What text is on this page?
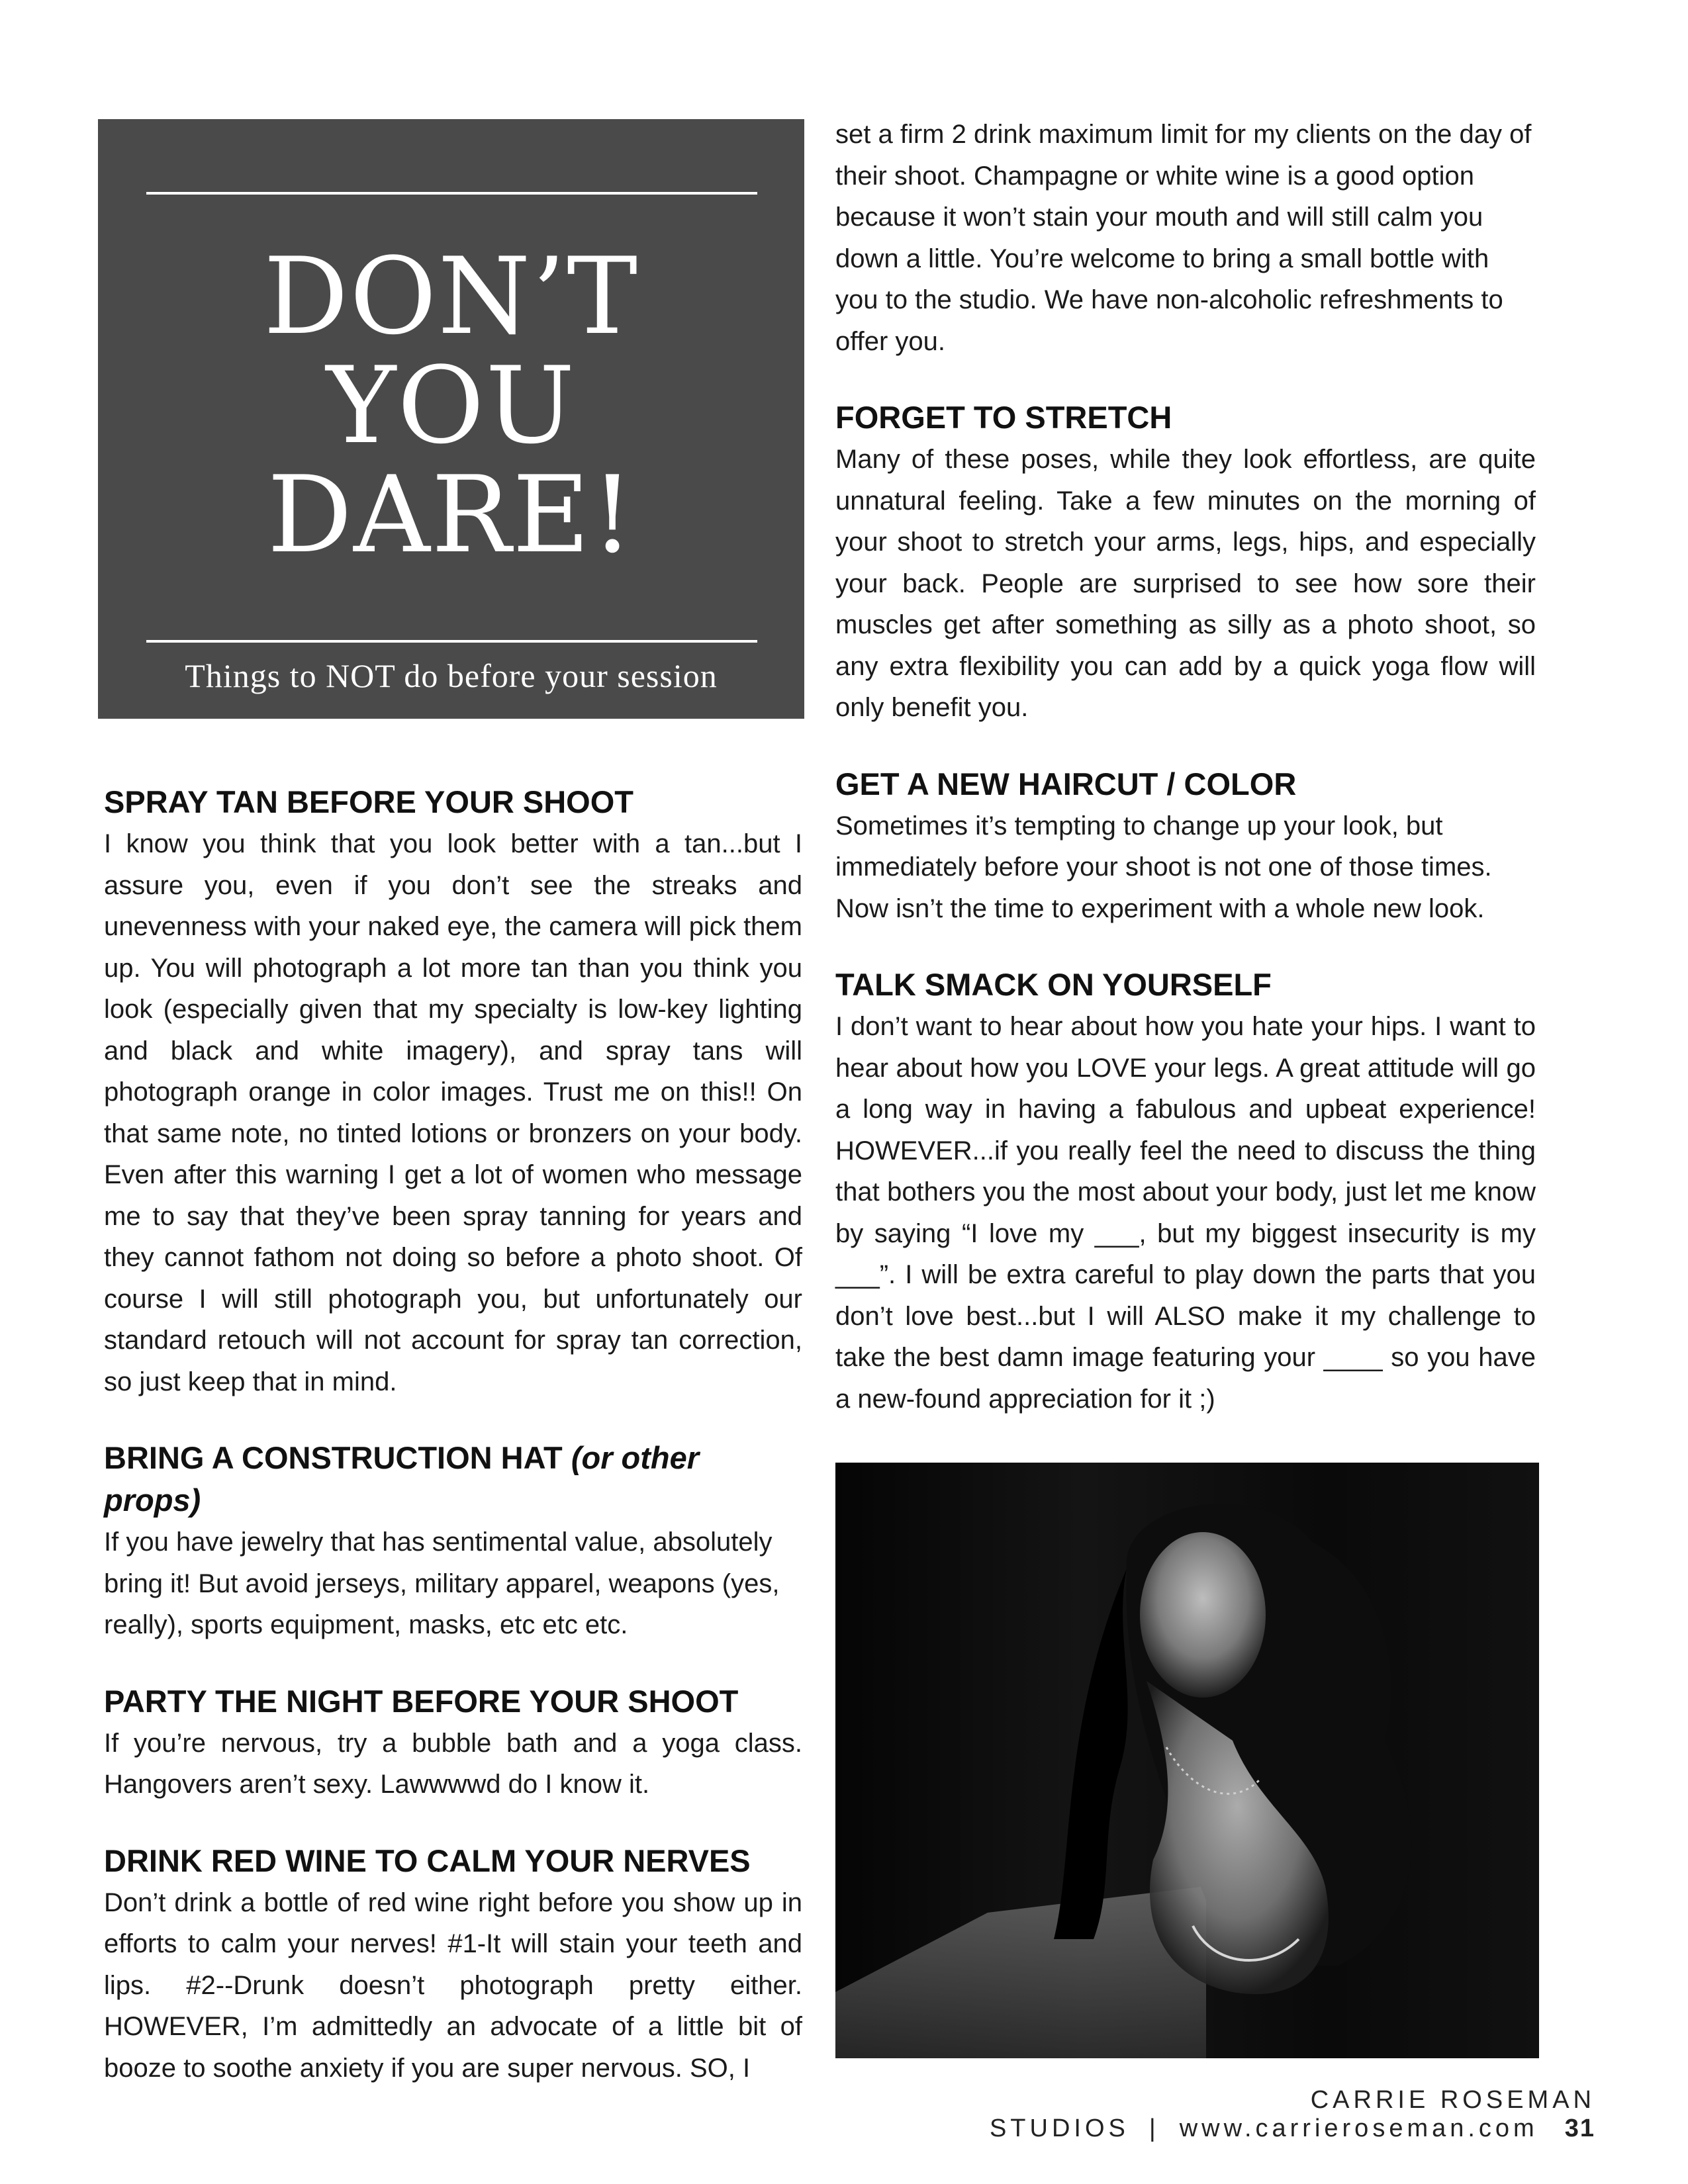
DON’T
YOU
DARE!
Things to NOT do before your session

SPRAY TAN BEFORE YOUR SHOOT

I know you think that you look better with a tan...but I assure you, even if you don’t see the streaks and unevenness with your naked eye, the camera will pick them up. You will photograph a lot more tan than you think you look (especially given that my specialty is low-key lighting and black and white imagery), and spray tans will photograph orange in color images. Trust me on this!! On that same note, no tinted lotions or bronzers on your body. Even after this warning I get a lot of women who message me to say that they’ve been spray tanning for years and they cannot fathom not doing so before a photo shoot. Of course I will still photograph you, but unfortunately our standard retouch will not account for spray tan correction, so just keep that in mind.

BRING A CONSTRUCTION HAT (or other props)

If you have jewelry that has sentimental value, absolutely bring it! But avoid jerseys, military apparel, weapons (yes, really), sports equipment, masks, etc etc etc.

PARTY THE NIGHT BEFORE YOUR SHOOT

If you’re nervous, try a bubble bath and a yoga class. Hangovers aren’t sexy. Lawwwwd do I know it.

DRINK RED WINE TO CALM YOUR NERVES

Don’t drink a bottle of red wine right before you show up in efforts to calm your nerves! #1-It will stain your teeth and lips. #2--Drunk doesn’t photograph pretty either. HOWEVER, I’m admittedly an advocate of a little bit of booze to soothe anxiety if you are super nervous. SO, I

set a firm 2 drink maximum limit for my clients on the day of their shoot. Champagne or white wine is a good option because it won’t stain your mouth and will still calm you down a little. You’re welcome to bring a small bottle with you to the studio. We have non-alcoholic refreshments to offer you.

FORGET TO STRETCH

Many of these poses, while they look effortless, are quite unnatural feeling. Take a few minutes on the morning of your shoot to stretch your arms, legs, hips, and especially your back. People are surprised to see how sore their muscles get after something as silly as a photo shoot, so any extra flexibility you can add by a quick yoga flow will only benefit you.

GET A NEW HAIRCUT / COLOR

Sometimes it’s tempting to change up your look, but immediately before your shoot is not one of those times. Now isn’t the time to experiment with a whole new look.

TALK SMACK ON YOURSELF

I don’t want to hear about how you hate your hips. I want to hear about how you LOVE your legs. A great attitude will go a long way in having a fabulous and upbeat experience! HOWEVER...if you really feel the need to discuss the thing that bothers you the most about your body, just let me know by saying “I love my ___, but my biggest insecurity is my ___”. I will be extra careful to play down the parts that you don’t love best...but I will ALSO make it my challenge to take the best damn image featuring your ____ so you have a new-found appreciation for it ;)

CARRIE ROSEMAN STUDIOS | www.carrieroseman.com 31
